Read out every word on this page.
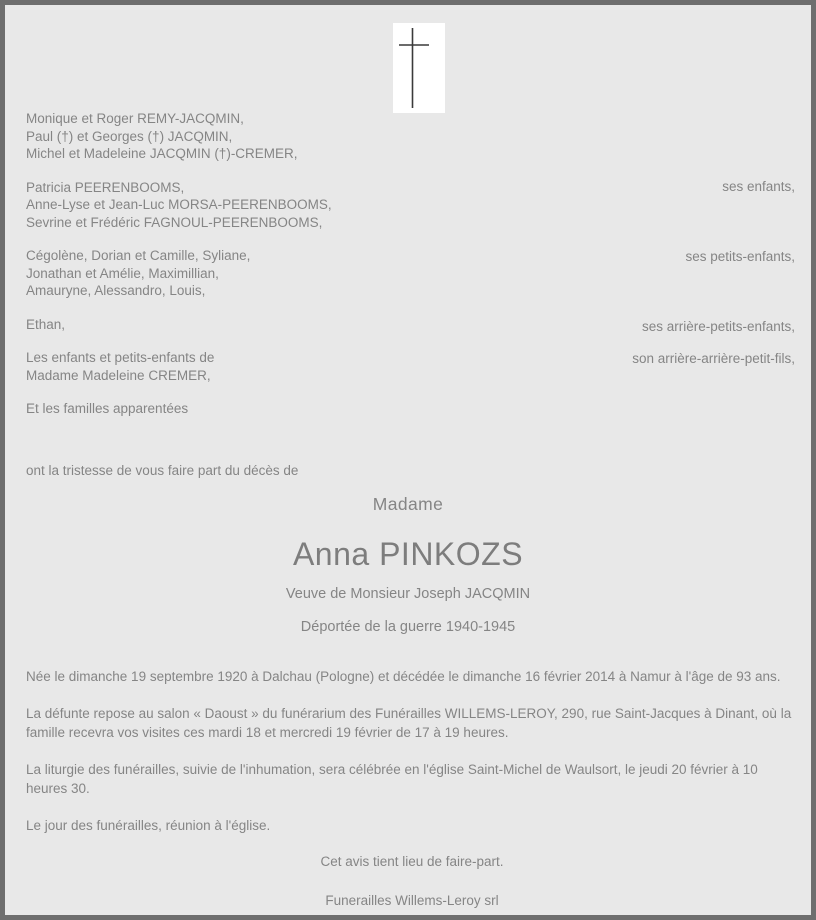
Monique et Roger REMY-JACQMIN,
Paul (†) et Georges (†) JACQMIN,
Michel et Madeleine JACQMIN (†)-CREMER,
Patricia PEERENBOOMS,
Anne-Lyse et Jean-Luc MORSA-PEERENBOOMS,
Sevrine et Frédéric FAGNOUL-PEERENBOOMS,
Cégolène, Dorian et Camille, Syliane,
Jonathan et Amélie, Maximillian,
Amauryne, Alessandro, Louis,
Ethan,
Les enfants et petits-enfants de
Madame Madeleine CREMER,
Et les familles apparentées
ses enfants,
ses petits-enfants,
ses arrière-petits-enfants,
son arrière-arrière-petit-fils,
ont la tristesse de vous faire part du décès de
Madame
Anna PINKOZS
Veuve de Monsieur Joseph JACQMIN
Déportée de la guerre 1940-1945

Née le dimanche 19 septembre 1920 à Dalchau (Pologne) et décédée le dimanche 16 février 2014 à Namur à l'âge de 93 ans.

La défunte repose au salon « Daoust » du funérarium des Funérailles WILLEMS-LEROY, 290, rue Saint-Jacques à Dinant, où la famille recevra vos visites ces mardi 18 et mercredi 19 février de 17 à 19 heures.

La liturgie des funérailles, suivie de l'inhumation, sera célébrée en l'église Saint-Michel de Waulsort, le jeudi 20 février à 10 heures 30.

Le jour des funérailles, réunion à l'église.

Cet avis tient lieu de faire-part.

Funerailles Willems-Leroy srl
